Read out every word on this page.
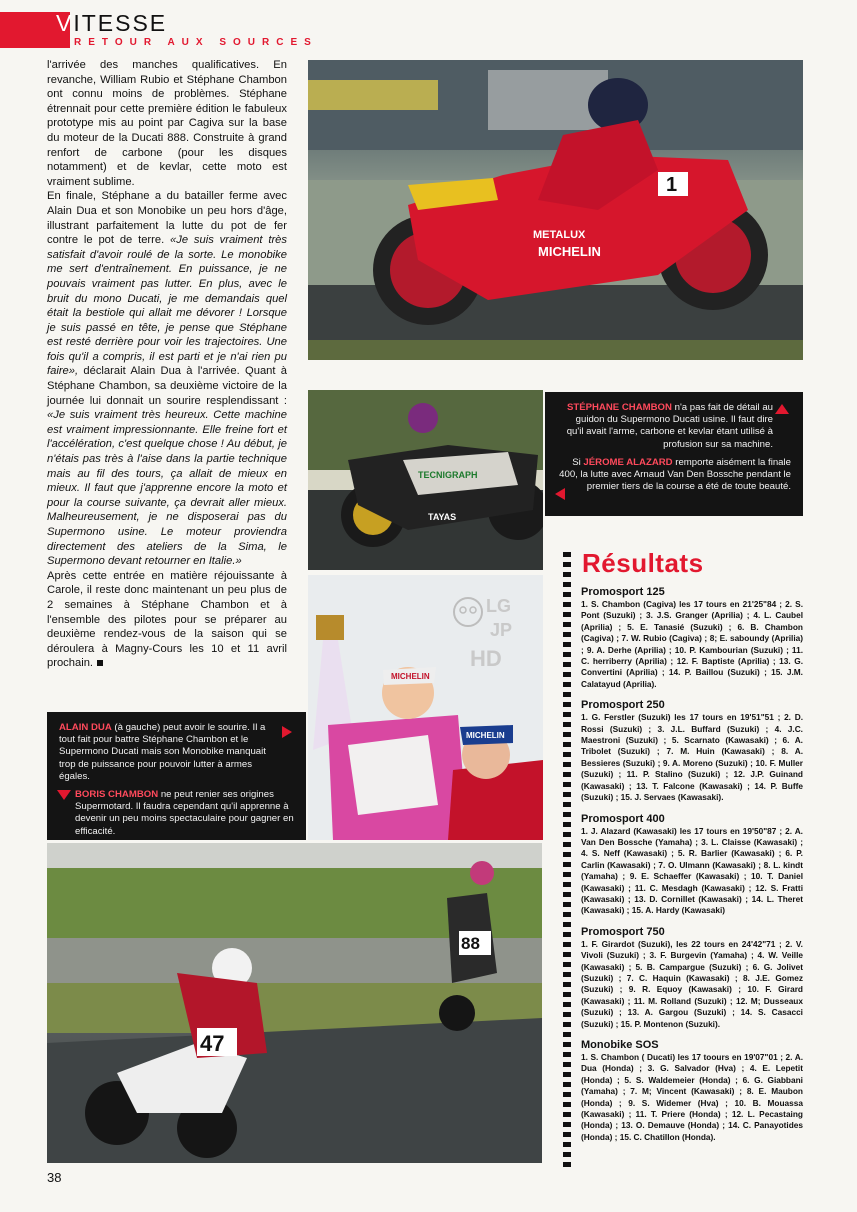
VITESSE
RETOUR AUX SOURCES

l'arrivée des manches qualificatives. En revanche, William Rubio et Stéphane Chambon ont connu moins de problèmes. Stéphane étrennait pour cette première édition le fabuleux prototype mis au point par Cagiva sur la base du moteur de la Ducati 888. Construite à grand renfort de carbone (pour les disques notamment) et de kevlar, cette moto est vraiment sublime.

En finale, Stéphane a du batailler ferme avec Alain Dua et son Monobike un peu hors d'âge, illustrant parfaitement la lutte du pot de fer contre le pot de terre. «Je suis vraiment très satisfait d'avoir roulé de la sorte. Le monobike me sert d'entraînement. En puissance, je ne pouvais vraiment pas lutter. En plus, avec le bruit du mono Ducati, je me demandais quel était la bestiole qui allait me dévorer ! Lorsque je suis passé en tête, je pense que Stéphane est resté derrière pour voir les trajectoires. Une fois qu'il a compris, il est parti et je n'ai rien pu faire», déclarait Alain Dua à l'arrivée. Quant à Stéphane Chambon, sa deuxième victoire de la journée lui donnait un sourire resplendissant : «Je suis vraiment très heureux. Cette machine est vraiment impressionnante. Elle freine fort et l'accélération, c'est quelque chose ! Au début, je n'étais pas très à l'aise dans la partie technique mais au fil des tours, ça allait de mieux en mieux. Il faut que j'apprenne encore la moto et pour la course suivante, ça devrait aller mieux. Malheureusement, je ne disposerai pas du Supermono usine. Le moteur proviendra directement des ateliers de la Sima, le Supermono devant retourner en Italie.»

Après cette entrée en matière réjouissante à Carole, il reste donc maintenant un peu plus de 2 semaines à Stéphane Chambon et à l'ensemble des pilotes pour se préparer au deuxième rendez-vous de la saison qui se déroulera à Magny-Cours les 10 et 11 avril prochain.

METALUX
MICHELIN
1
TECNIGRAPH
TAYAS

STÉPHANE CHAMBON n'a pas fait de détail au guidon du Supermono Ducati usine. Il faut dire qu'il avait l'arme, carbone et kevlar étant utilisé à profusion sur sa machine.

Si JÉROME ALAZARD remporte aisément la finale 400, la lutte avec Arnaud Van Den Bossche pendant le premier tiers de la course a été de toute beauté.

MICHELIN
MICHELIN
LG
JP
HD

ALAIN DUA (à gauche) peut avoir le sourire. Il a tout fait pour battre Stéphane Chambon et le Supermono Ducati mais son Monobike manquait trop de puissance pour pouvoir lutter à armes égales.

BORIS CHAMBON ne peut renier ses origines Supermotard. Il faudra cependant qu'il apprenne à devenir un peu moins spectaculaire pour gagner en efficacité.

47
88
Résultats
Promosport 125

1. S. Chambon (Cagiva) les 17 tours en 21'25"84 ; 2. S. Pont (Suzuki) ; 3. J.S. Granger (Aprilia) ; 4. L. Caubel (Aprilia) ; 5. E. Tanasié (Suzuki) ; 6. B. Chambon (Cagiva) ; 7. W. Rubio (Cagiva) ; 8; E. saboundy (Aprilia) ; 9. A. Derhe (Aprilia) ; 10. P. Kambourian (Suzuki) ; 11. C. herriberry (Aprilia) ; 12. F. Baptiste (Aprilia) ; 13. G. Convertini (Aprilia) ; 14. P. Baillou (Suzuki) ; 15. J.M. Calatayud (Aprilia).

Promosport 250

1. G. Ferstler (Suzuki) les 17 tours en 19'51"51 ; 2. D. Rossi (Suzuki) ; 3. J.L. Buffard (Suzuki) ; 4. J.C. Maestroni (Suzuki) ; 5. Scarnato (Kawasaki) ; 6. A. Tribolet (Suzuki) ; 7. M. Huin (Kawasaki) ; 8. A. Bessieres (Suzuki) ; 9. A. Moreno (Suzuki) ; 10. F. Muller (Suzuki) ; 11. P. Stalino (Suzuki) ; 12. J.P. Guinand (Kawasaki) ; 13. T. Falcone (Kawasaki) ; 14. P. Buffe (Suzuki) ; 15. J. Servaes (Kawasaki).

Promosport 400

1. J. Alazard (Kawasaki) les 17 tours en 19'50"87 ; 2. A. Van Den Bossche (Yamaha) ; 3. L. Claisse (Kawasaki) ; 4. S. Neff (Kawasaki) ; 5. R. Barlier (Kawasaki) ; 6. P. Carlin (Kawasaki) ; 7. O. Ulmann (Kawasaki) ; 8. L. kindt (Yamaha) ; 9. E. Schaeffer (Kawasaki) ; 10. T. Daniel (Kawasaki) ; 11. C. Mesdagh (Kawasaki) ; 12. S. Fratti (Kawasaki) ; 13. D. Cornillet (Kawasaki) ; 14. L. Theret (Kawasaki) ; 15. A. Hardy (Kawasaki)

Promosport 750

1. F. Girardot (Suzuki), les 22 tours en 24'42"71 ; 2. V. Vivoli (Suzuki) ; 3. F. Burgevin (Yamaha) ; 4. W. Veille (Kawasaki) ; 5. B. Campargue (Suzuki) ; 6. G. Jolivet (Suzuki) ; 7. C. Haquin (Kawasaki) ; 8. J.E. Gomez (Suzuki) ; 9. R. Equoy (Kawasaki) ; 10. F. Girard (Kawasaki) ; 11. M. Rolland (Suzuki) ; 12. M; Dusseaux (Suzuki) ; 13. A. Gargou (Suzuki) ; 14. S. Casacci (Suzuki) ; 15. P. Montenon (Suzuki).

Monobike SOS

1. S. Chambon ( Ducati) les 17 toours en 19'07"01 ; 2. A. Dua (Honda) ; 3. G. Salvador (Hva) ; 4. E. Lepetit (Honda) ; 5. S. Waldemeier (Honda) ; 6. G. Giabbani (Yamaha) ; 7. M; Vincent (Kawasaki) ; 8. E. Maubon (Honda) ; 9. S. Widemer (Hva) ; 10. B. Mouassa (Kawasaki) ; 11. T. Priere (Honda) ; 12. L. Pecastaing (Honda) ; 13. O. Demauve (Honda) ; 14. C. Panayotides (Honda) ; 15. C. Chatillon (Honda).

38
